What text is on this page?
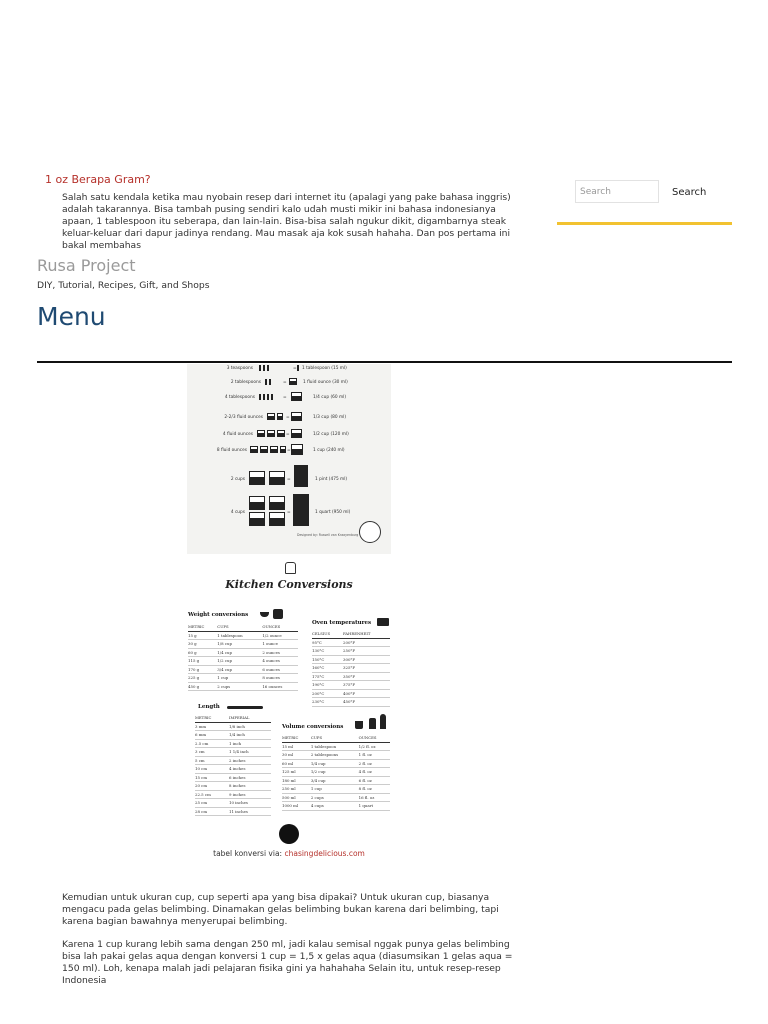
1 oz Berapa Gram?
Salah satu kendala ketika mau nyobain resep dari internet itu (apalagi yang pake bahasa inggris) adalah takarannya. Bisa tambah pusing sendiri kalo udah musti mikir ini bahasa indonesianya apaan, 1 tablespoon itu seberapa, dan lain-lain. Bisa-bisa salah ngukur dikit, digambarnya steak keluar-keluar dari dapur jadinya rendang. Mau masak aja kok susah hahaha. Dan pos pertama ini bakal membahas
Search
Search
Rusa Project
DIY, Tutorial, Recipes, Gift, and Shops
Menu
3 teaspoons	= 1 tablespoon (15 ml)
2 tablespoons	=	1 fluid ounce (30 ml)
4 tablespoons	=	1/4 cup (60 ml)
2-2/3 fluid ounces	=	1/3 cup (80 ml)
4 fluid ounces	=	1/2 cup (120 ml)
8 fluid ounces	=	1 cup (240 ml)
2 cups	=	1 pint (475 ml)
4 cups	=	1 quart (950 ml)
Designed by: Russell van Kraayenburg
Kitchen Conversions
Weight conversions
METRIC	CUPS	OUNCES
15 g	1 tablespoon	1/2 ounce
30 g	1/8 cup	1 ounce
60 g	1/4 cup	2 ounces
115 g	1/2 cup	4 ounces
170 g	3/4 cup	6 ounces
225 g	1 cup	8 ounces
450 g	2 cups	16 ounces
Oven temperatures
CELSIUS	FAHRENHEIT
95°C	200°F
130°C	250°F
150°C	300°F
160°C	325°F
175°C	350°F
190°C	375°F
200°C	400°F
230°C	450°F
Length
METRIC	IMPERIAL
3 mm	1/8 inch
6 mm	1/4 inch
2.5 cm	1 inch
3 cm	1 1/4 inch
5 cm	2 inches
10 cm	4 inches
15 cm	6 inches
20 cm	8 inches
22.5 cm	9 inches
25 cm	10 inches
28 cm	11 inches
Volume conversions
METRIC	CUPS	OUNCES
15 ml	1 tablespoon	1/2 fl. oz
30 ml	2 tablespoons	1 fl. oz
60 ml	1/4 cup	2 fl. oz
125 ml	1/2 cup	4 fl. oz
180 ml	3/4 cup	6 fl. oz
250 ml	1 cup	8 fl. oz
500 ml	2 cups	16 fl. oz
1000 ml	4 cups	1 quart
tabel konversi via: chasingdelicious.com
Kemudian untuk ukuran cup, cup seperti apa yang bisa dipakai? Untuk ukuran cup, biasanya mengacu pada gelas belimbing. Dinamakan gelas belimbing bukan karena dari belimbing, tapi karena bagian bawahnya menyerupai belimbing.
Karena 1 cup kurang lebih sama dengan 250 ml, jadi kalau semisal nggak punya gelas belimbing bisa lah pakai gelas aqua dengan konversi 1 cup = 1,5 x gelas aqua (diasumsikan 1 gelas aqua = 150 ml). Loh, kenapa malah jadi pelajaran fisika gini ya hahahaha Selain itu, untuk resep-resep Indonesia
